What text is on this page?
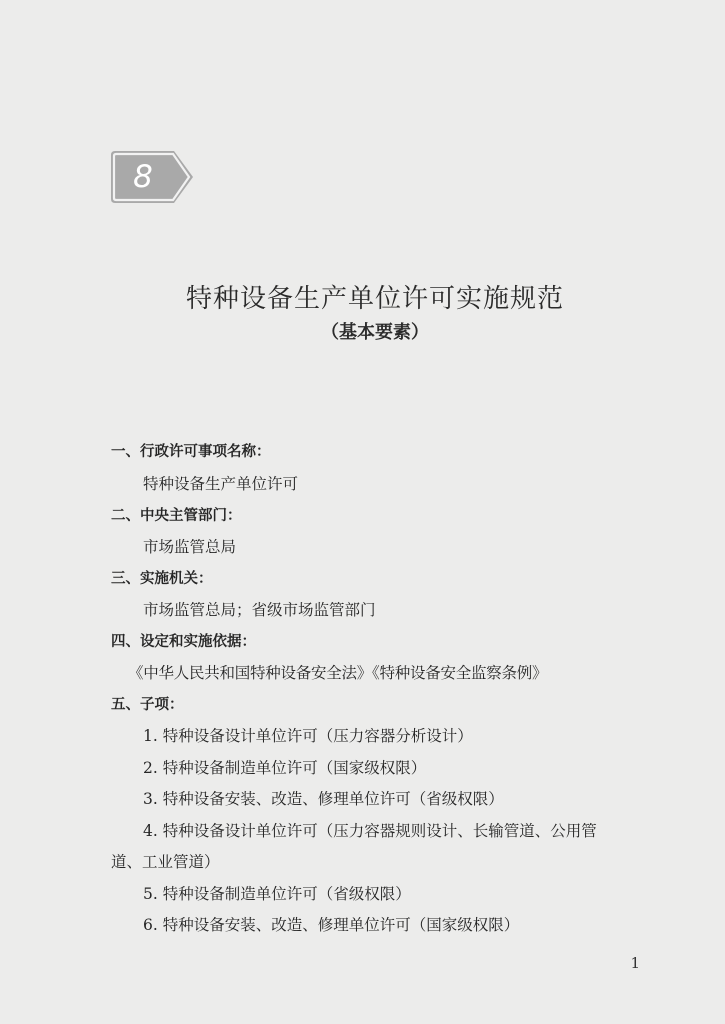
8
特种设备生产单位许可实施规范
（基本要素）
一、行政许可事项名称：
特种设备生产单位许可
二、中央主管部门：
市场监管总局
三、实施机关：
市场监管总局；省级市场监管部门
四、设定和实施依据：
《中华人民共和国特种设备安全法》《特种设备安全监察条例》
五、子项：
1. 特种设备设计单位许可（压力容器分析设计）
2. 特种设备制造单位许可（国家级权限）
3. 特种设备安装、改造、修理单位许可（省级权限）
4. 特种设备设计单位许可（压力容器规则设计、长输管道、公用管
道、工业管道）
5. 特种设备制造单位许可（省级权限）
6. 特种设备安装、改造、修理单位许可（国家级权限）
1
